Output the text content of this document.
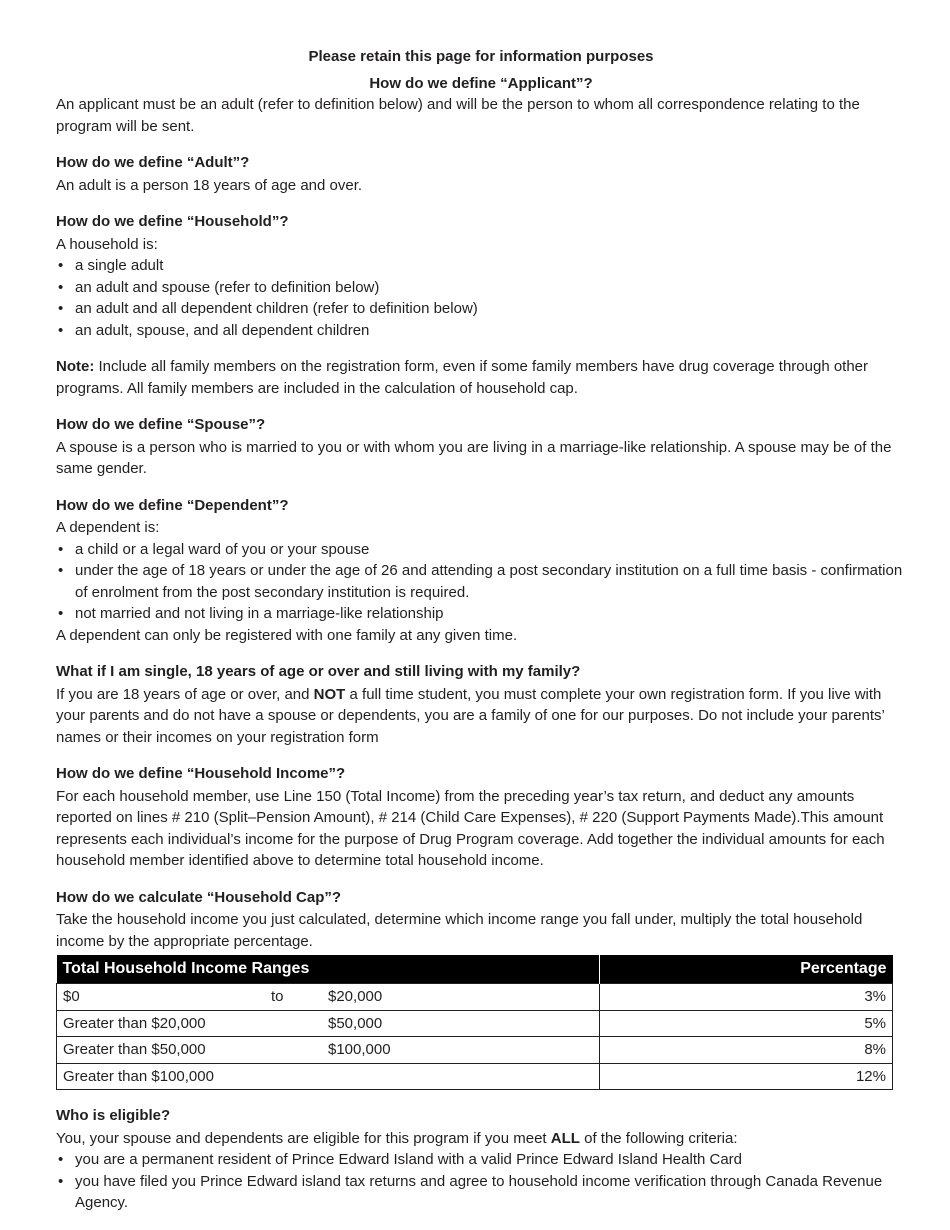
Please retain this page for information purposes

How do we define “Applicant”?

An applicant must be an adult (refer to definition below) and will be the person to whom all correspondence relating to the program will be sent.

How do we define “Adult”?

An adult is a person 18 years of age and over.

How do we define “Household”?

A household is:

• a single adult
• an adult and spouse (refer to definition below)
• an adult and all dependent children (refer to definition below)
• an adult, spouse, and all dependent children

Note: Include all family members on the registration form, even if some family members have drug coverage through other programs. All family members are included in the calculation of household cap.

How do we define “Spouse”?

A spouse is a person who is married to you or with whom you are living in a marriage-like relationship. A spouse may be of the same gender.

How do we define “Dependent”?

A dependent is:

• a child or a legal ward of you or your spouse
• under the age of 18 years or under the age of 26 and attending a post secondary institution on a full time basis - confirmation of enrolment from the post secondary institution is required.
• not married and not living in a marriage-like relationship

A dependent can only be registered with one family at any given time.

What if I am single, 18 years of age or over and still living with my family?

If you are 18 years of age or over, and NOT a full time student, you must complete your own registration form. If you live with your parents and do not have a spouse or dependents, you are a family of one for our purposes. Do not include your parents’ names or their incomes on your registration form

How do we define “Household Income”?

For each household member, use Line 150 (Total Income) from the preceding year’s tax return, and deduct any amounts reported on lines # 210 (Split–Pension Amount), # 214 (Child Care Expenses), # 220 (Support Payments Made).This amount represents each individual’s income for the purpose of Drug Program coverage. Add together the individual amounts for each household member identified above to determine total household income.

How do we calculate “Household Cap”?

Take the household income you just calculated, determine which income range you fall under, multiply the total household income by the appropriate percentage.

Total Household Income Ranges	Percentage
$0 to $20,000	3%
Greater than $20,000 $50,000	5%
Greater than $50,000 $100,000	8%
Greater than $100,000	12%
Who is eligible?

You, your spouse and dependents are eligible for this program if you meet ALL of the following criteria:

• you are a permanent resident of Prince Edward Island with a valid Prince Edward Island Health Card
• you have filed you Prince Edward island tax returns and agree to household income verification through Canada Revenue Agency.
